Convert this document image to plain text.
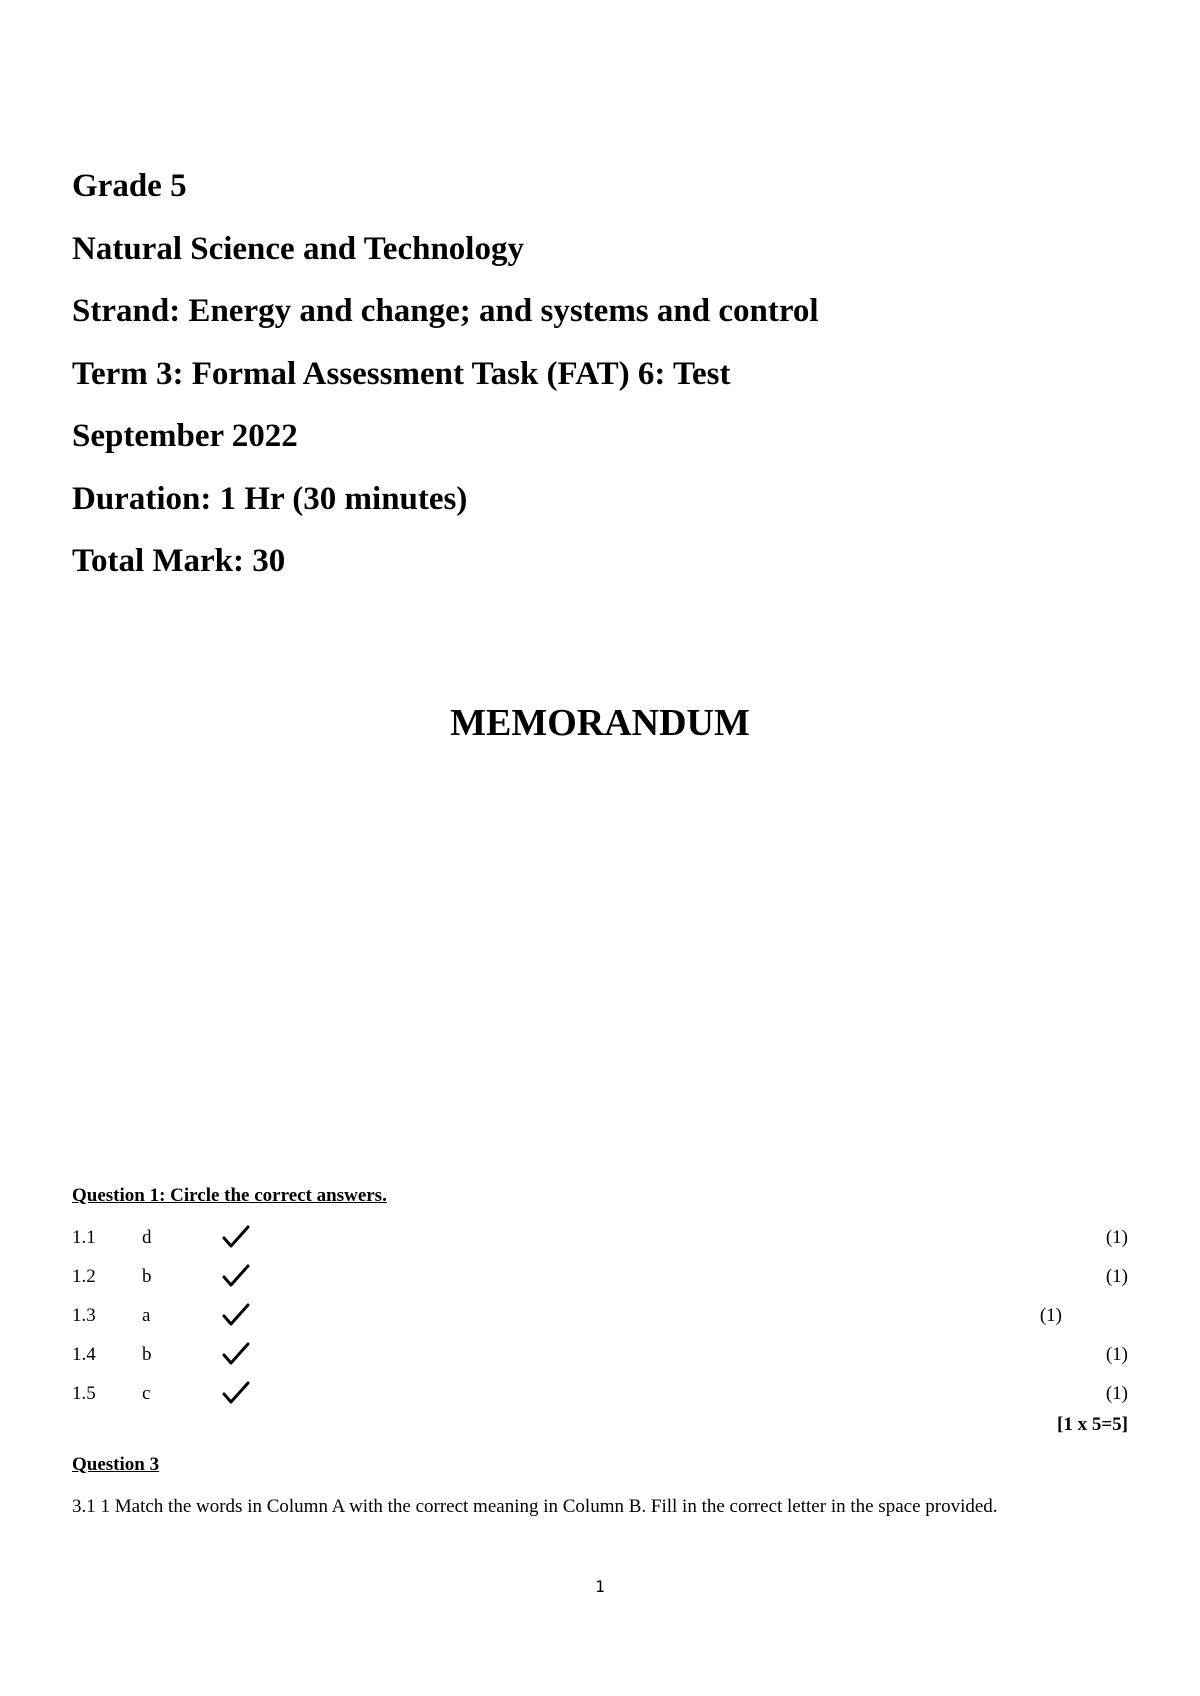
Grade 5
Natural Science and Technology
Strand: Energy and change; and systems and control
Term 3: Formal Assessment Task (FAT) 6: Test
September 2022
Duration: 1 Hr (30 minutes)
Total Mark: 30
MEMORANDUM
Question 1: Circle the correct answers.
1.1 d	(1)
1.2 b	(1)
1.3 a	(1)
1.4 b	(1)
1.5 c	(1)
[1 x 5=5]
Question 3
3.1 1 Match the words in Column A with the correct meaning in Column B. Fill in the correct letter in the space provided.
1
